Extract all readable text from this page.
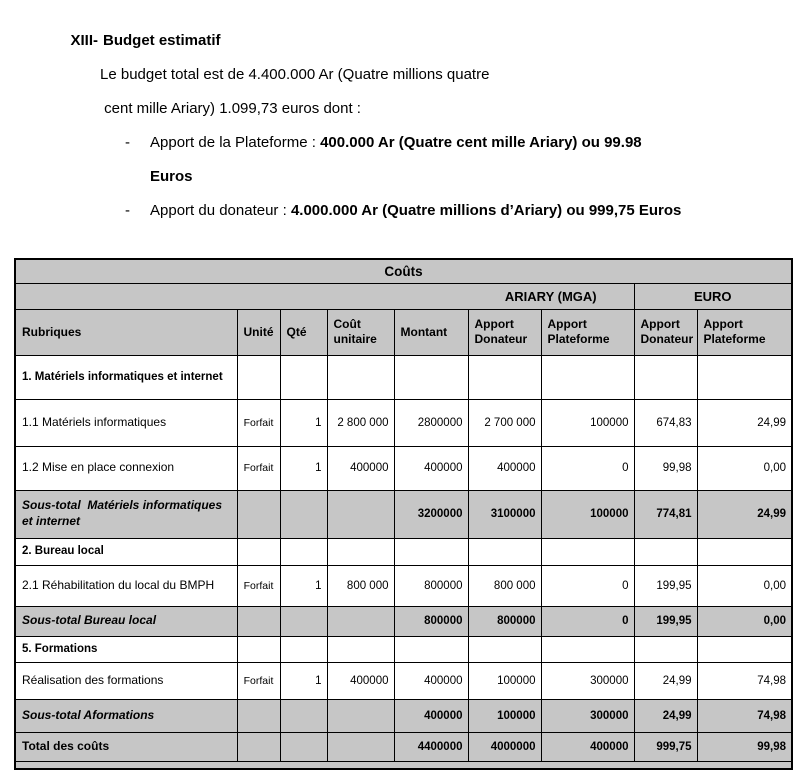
XIII- Budget estimatif
Le budget total est de 4.400.000 Ar (Quatre millions quatre
cent mille Ariary) 1.099,73 euros dont :
-	Apport de la Plateforme : 400.000 Ar (Quatre cent mille Ariary) ou 99.98
Euros
-	Apport du donateur : 4.000.000 Ar (Quatre millions d’Ariary) ou 999,75 Euros
Coûts								
					ARIARY (MGA)		EURO	
Rubriques	Unité	Qté	Coût unitaire	Montant	Apport Donateur	Apport Plateforme	Apport Donateur	Apport Plateforme
1. Matériels informatiques et internet								
1.1 Matériels informatiques	Forfait	1	2 800 000	2800000	2 700 000	100000	674,83	24,99
1.2 Mise en place connexion	Forfait	1	400000	400000	400000	0	99,98	0,00
Sous-total  Matériels informatiques et internet				3200000	3100000	100000	774,81	24,99
2. Bureau local								
2.1 Réhabilitation du local du BMPH	Forfait	1	800 000	800000	800 000	0	199,95	0,00
Sous-total Bureau local				800000	800000	0	199,95	0,00
5. Formations								
Réalisation des formations	Forfait	1	400000	400000	100000	300000	24,99	74,98
Sous-total Aformations				400000	100000	300000	24,99	74,98
Total des coûts				4400000	4000000	400000	999,75	99,98
